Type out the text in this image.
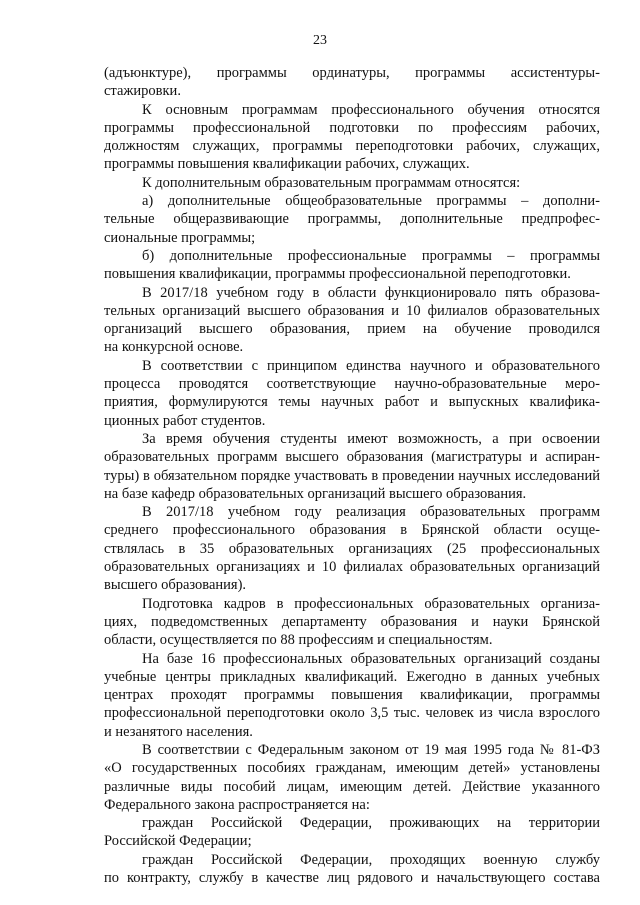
23
(адъюнктуре), программы ординатуры, программы ассистентуры-
стажировки.
К основным программам профессионального обучения относятся
программы профессиональной подготовки по профессиям рабочих,
должностям служащих, программы переподготовки рабочих, служащих,
программы повышения квалификации рабочих, служащих.
К дополнительным образовательным программам относятся:
а) дополнительные общеобразовательные программы – дополни-
тельные общеразвивающие программы, дополнительные предпрофес-
сиональные программы;
б) дополнительные профессиональные программы – программы
повышения квалификации, программы профессиональной переподготовки.
В 2017/18 учебном году в области функционировало пять образова-
тельных организаций высшего образования и 10 филиалов образовательных
организаций высшего образования, прием на обучение проводился
на конкурсной основе.
В соответствии с принципом единства научного и образовательного
процесса проводятся соответствующие научно-образовательные меро-
приятия, формулируются темы научных работ и выпускных квалифика-
ционных работ студентов.
За время обучения студенты имеют возможность, а при освоении
образовательных программ высшего образования (магистратуры и аспиран-
туры) в обязательном порядке участвовать в проведении научных исследований
на базе кафедр образовательных организаций высшего образования.
В 2017/18 учебном году реализация образовательных программ
среднего профессионального образования в Брянской области осуще-
ствлялась в 35 образовательных организациях (25 профессиональных
образовательных организациях и 10 филиалах образовательных организаций
высшего образования).
Подготовка кадров в профессиональных образовательных организа-
циях, подведомственных департаменту образования и науки Брянской
области, осуществляется по 88 профессиям и специальностям.
На базе 16 профессиональных образовательных организаций созданы
учебные центры прикладных квалификаций. Ежегодно в данных учебных
центрах проходят программы повышения квалификации, программы
профессиональной переподготовки около 3,5 тыс. человек из числа взрослого
и незанятого населения.
В соответствии с Федеральным законом от 19 мая 1995 года № 81-ФЗ
«О государственных пособиях гражданам, имеющим детей» установлены
различные виды пособий лицам, имеющим детей. Действие указанного
Федерального закона распространяется на:
граждан Российской Федерации, проживающих на территории
Российской Федерации;
граждан Российской Федерации, проходящих военную службу
по контракту, службу в качестве лиц рядового и начальствующего состава
